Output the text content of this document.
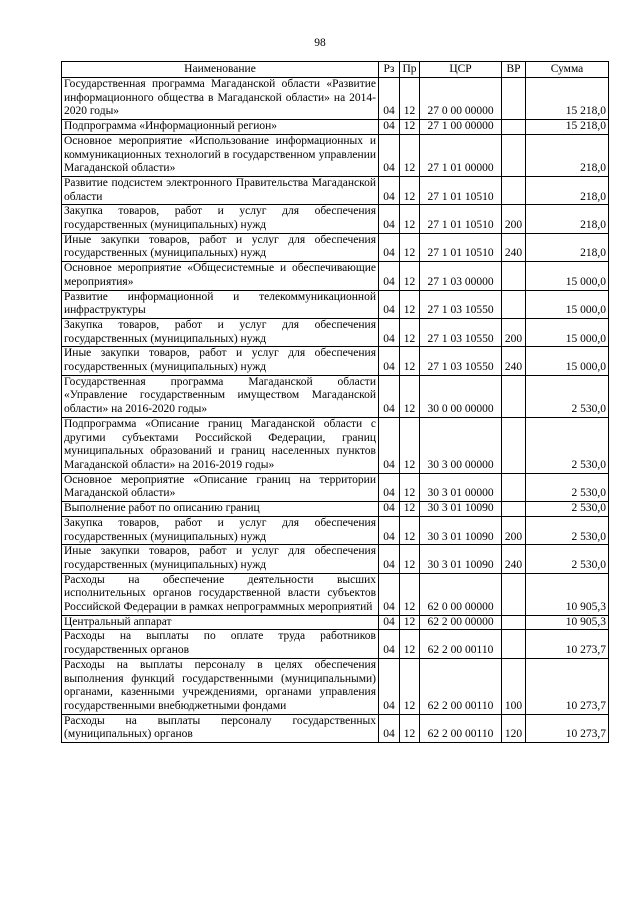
98
Наименование	Рз	Пр	ЦСР	ВР	Сумма
Государственная программа Магаданской области «Развитие информационного общества в Магаданской области» на 2014-2020 годы»	04	12	27 0 00 00000		15 218,0
Подпрограмма «Информационный регион»	04	12	27 1 00 00000		15 218,0
Основное мероприятие «Использование информационных и коммуникационных технологий в государственном управлении Магаданской области»	04	12	27 1 01 00000		218,0
Развитие подсистем электронного Правительства Магаданской области	04	12	27 1 01 10510		218,0
Закупка товаров, работ и услуг для обеспечения государственных (муниципальных) нужд	04	12	27 1 01 10510	200	218,0
Иные закупки товаров, работ и услуг для обеспечения государственных (муниципальных) нужд	04	12	27 1 01 10510	240	218,0
Основное мероприятие «Общесистемные и обеспечивающие мероприятия»	04	12	27 1 03 00000		15 000,0
Развитие информационной и телекоммуникационной инфраструктуры	04	12	27 1 03 10550		15 000,0
Закупка товаров, работ и услуг для обеспечения государственных (муниципальных) нужд	04	12	27 1 03 10550	200	15 000,0
Иные закупки товаров, работ и услуг для обеспечения государственных (муниципальных) нужд	04	12	27 1 03 10550	240	15 000,0
Государственная программа Магаданской области «Управление государственным имуществом Магаданской области» на 2016-2020 годы»	04	12	30 0 00 00000		2 530,0
Подпрограмма «Описание границ Магаданской области с другими субъектами Российской Федерации, границ муниципальных образований и границ населенных пунктов Магаданской области» на 2016-2019 годы»	04	12	30 3 00 00000		2 530,0
Основное мероприятие «Описание границ на территории Магаданской области»	04	12	30 3 01 00000		2 530,0
Выполнение работ по описанию границ	04	12	30 3 01 10090		2 530,0
Закупка товаров, работ и услуг для обеспечения государственных (муниципальных) нужд	04	12	30 3 01 10090	200	2 530,0
Иные закупки товаров, работ и услуг для обеспечения государственных (муниципальных) нужд	04	12	30 3 01 10090	240	2 530,0
Расходы на обеспечение деятельности высших исполнительных органов государственной власти субъектов Российской Федерации в рамках непрограммных мероприятий	04	12	62 0 00 00000		10 905,3
Центральный аппарат	04	12	62 2 00 00000		10 905,3
Расходы на выплаты по оплате труда работников государственных органов	04	12	62 2 00 00110		10 273,7
Расходы на выплаты персоналу в целях обеспечения выполнения функций государственными (муниципальными) органами, казенными учреждениями, органами управления государственными внебюджетными фондами	04	12	62 2 00 00110	100	10 273,7
Расходы на выплаты персоналу государственных (муниципальных) органов	04	12	62 2 00 00110	120	10 273,7
